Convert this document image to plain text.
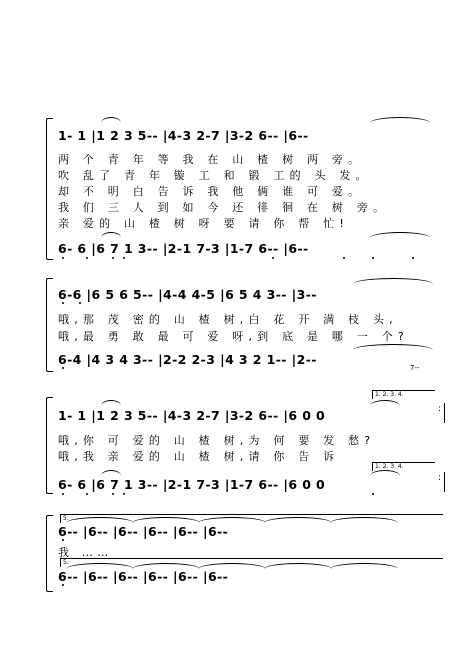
1- 1 |1 2 3 5-- |4-3 2-7 |3-2 6-- |6--
两 个 青 年 等 我 在 山 楂 树 两 旁。
吹 乱了 青 年 镟 工 和 锻 工的 头 发。
却 不 明 白 告 诉 我 他 俩 谁 可 爱。
我 们 三 人 到 如 今 还 徘 徊 在 树 旁。
亲 爱的 山 楂 树 呀 要 请 你 帮 忙!
6- 6 |6 7 1 3-- |2-1 7-3 |1-7 6-- |6--
6-6 |6 5 6 5-- |4-4 4-5 |6 5 4 3-- |3--
哦,那 茂 密的 山 楂 树,白 花 开 满 枝 头,
哦,最 勇 敢 最 可 爱 呀,到 底 是 哪 一 个?
6-4 |4 3 4 3-- |2-2 2-3 |4 3 2 1-- |2--
7--
1. 2. 3. 4.
1- 1 |1 2 3 5-- |4-3 2-7 |3-2 6-- |6 0 0
哦,你 可 爱的 山 楂 树,为 何 要 发 愁?
哦,我 亲 爱的 山 楂 树,请 你 告 诉
1. 2. 3. 4.
6- 6 |6 7 1 3-- |2-1 7-3 |1-7 6-- |6 0 0
:
:
5.
6-- |6-- |6-- |6-- |6-- |6--
我 ……
5.
6-- |6-- |6-- |6-- |6-- |6--
